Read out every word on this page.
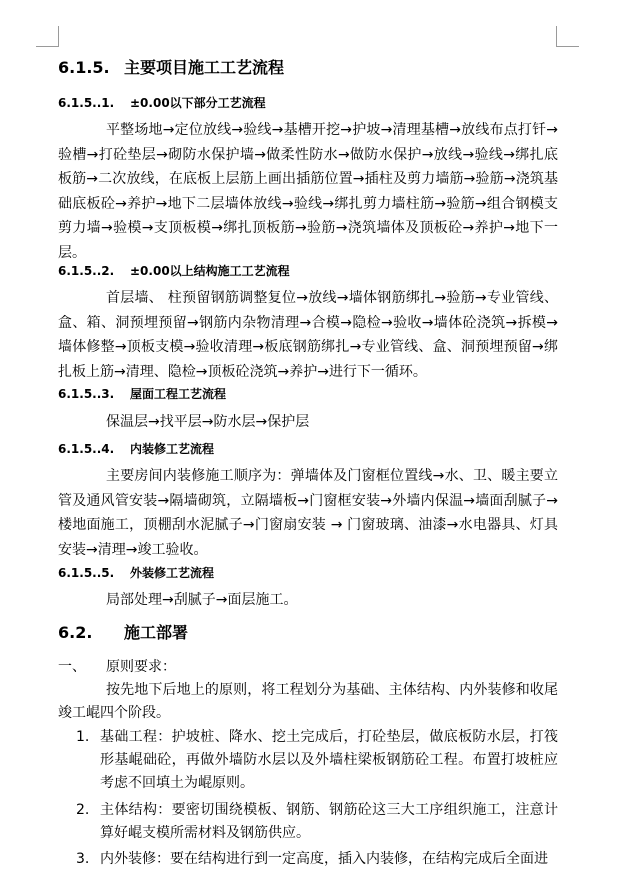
6.1.5. 主要项目施工工艺流程
6.1.5..1. ±0.00以下部分工艺流程

平整场地→定位放线→验线→基槽开挖→护坡→清理基槽→放线布点打钎→验槽→打砼垫层→砌防水保护墙→做柔性防水→做防水保护→放线→验线→绑扎底板筋→二次放线，在底板上层筋上画出插筋位置→插柱及剪力墙筋→验筋→浇筑基础底板砼→养护→地下二层墙体放线→验线→绑扎剪力墙柱筋→验筋→组合钢模支剪力墙→验模→支顶板模→绑扎顶板筋→验筋→浇筑墙体及顶板砼→养护→地下一层。

6.1.5..2. ±0.00以上结构施工工艺流程

首层墙、 柱预留钢筋调整复位→放线→墙体钢筋绑扎→验筋→专业管线、盒、箱、洞预埋预留→钢筋内杂物清理→合模→隐检→验收→墙体砼浇筑→拆模→墙体修整→顶板支模→验收清理→板底钢筋绑扎→专业管线、盒、洞预埋预留→绑扎板上筋→清理、隐检→顶板砼浇筑→养护→进行下一循环。

6.1.5..3. 屋面工程工艺流程

保温层→找平层→防水层→保护层

6.1.5..4. 内装修工艺流程

主要房间内装修施工顺序为：弹墙体及门窗框位置线→水、卫、暖主要立管及通风管安装→隔墙砌筑，立隔墙板→门窗框安装→外墙内保温→墙面刮腻子→楼地面施工，顶棚刮水泥腻子→门窗扇安装 → 门窗玻璃、油漆→水电器具、灯具安装→清理→竣工验收。

6.1.5..5. 外装修工艺流程

局部处理→刮腻子→面层施工。

6.2. 施工部署
一、 原则要求：

按先地下后地上的原则，将工程划分为基础、主体结构、内外装修和收尾竣工崐四个阶段。

1. 基础工程：护坡桩、降水、挖土完成后，打砼垫层，做底板防水层，打筏形基崐础砼，再做外墙防水层以及外墙柱梁板钢筋砼工程。布置打坡桩应考虑不回填土为崐原则。
2. 主体结构：要密切围绕模板、钢筋、钢筋砼这三大工序组织施工，注意计算好崐支模所需材料及钢筋供应。
3. 内外装修：要在结构进行到一定高度，插入内装修，在结构完成后全面进
